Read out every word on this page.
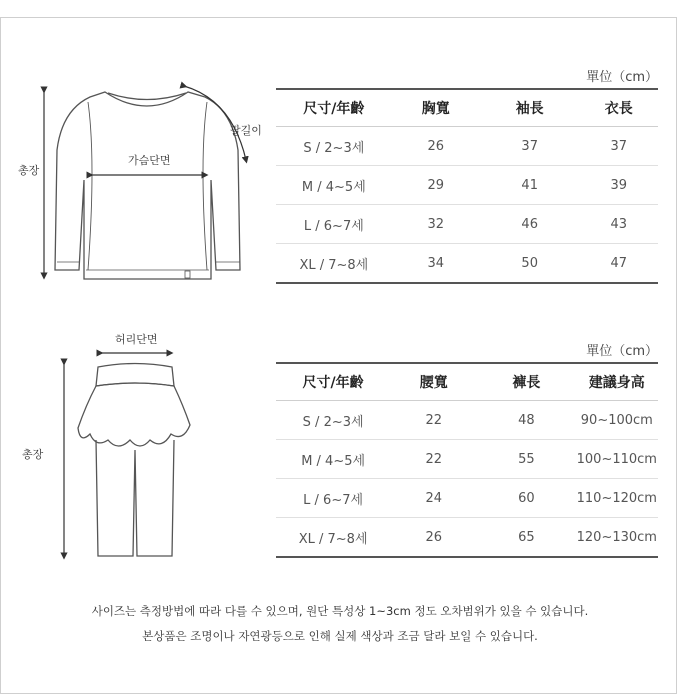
총장
가슴단면
팔길이
허리단면
총장
單位（cm）
尺寸/年齡	胸寬	袖長	衣長
S / 2~3세	26	37	37
M / 4~5세	29	41	39
L / 6~7세	32	46	43
XL / 7~8세	34	50	47
單位（cm）
尺寸/年齡	腰寬	褲長	建議身高
S / 2~3세	22	48	90~100cm
M / 4~5세	22	55	100~110cm
L / 6~7세	24	60	110~120cm
XL / 7~8세	26	65	120~130cm
사이즈는 측정방법에 따라 다를 수 있으며, 원단 특성상 1~3cm 정도 오차범위가 있을 수 있습니다.
본상품은 조명이나 자연광등으로 인해 실제 색상과 조금 달라 보일 수 있습니다.
